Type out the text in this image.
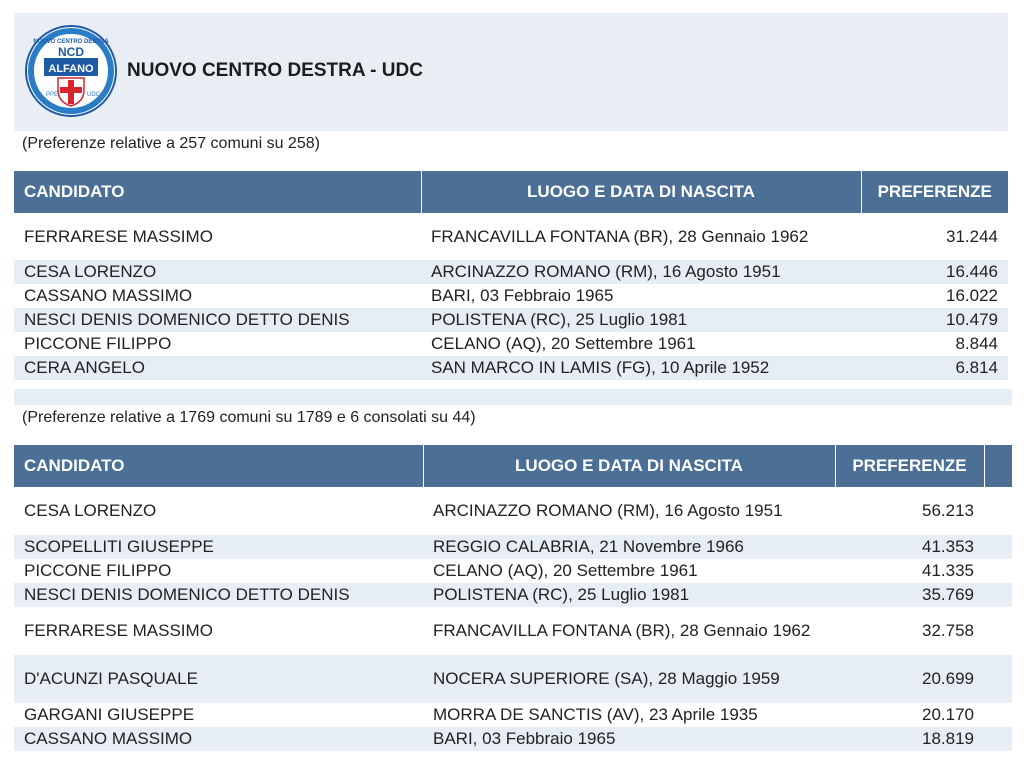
NUOVO CENTRO DESTRA
NCD
ALFANO
PPE	UDC
NUOVO CENTRO DESTRA - UDC
(Preferenze relative a 257 comuni su 258)
CANDIDATO	LUOGO E DATA DI NASCITA	PREFERENZE
FERRARESE MASSIMO	FRANCAVILLA FONTANA (BR), 28 Gennaio 1962	31.244
CESA LORENZO	ARCINAZZO ROMANO (RM), 16 Agosto 1951	16.446
CASSANO MASSIMO	BARI, 03 Febbraio 1965	16.022
NESCI DENIS DOMENICO DETTO DENIS	POLISTENA (RC), 25 Luglio 1981	10.479
PICCONE FILIPPO	CELANO (AQ), 20 Settembre 1961	8.844
CERA ANGELO	SAN MARCO IN LAMIS (FG), 10 Aprile 1952	6.814
(Preferenze relative a 1769 comuni su 1789 e 6 consolati su 44)
CANDIDATO	LUOGO E DATA DI NASCITA	PREFERENZE	
CESA LORENZO	ARCINAZZO ROMANO (RM), 16 Agosto 1951	56.213	
SCOPELLITI GIUSEPPE	REGGIO CALABRIA, 21 Novembre 1966	41.353	
PICCONE FILIPPO	CELANO (AQ), 20 Settembre 1961	41.335	
NESCI DENIS DOMENICO DETTO DENIS	POLISTENA (RC), 25 Luglio 1981	35.769	
FERRARESE MASSIMO	FRANCAVILLA FONTANA (BR), 28 Gennaio 1962	32.758	
D'ACUNZI PASQUALE	NOCERA SUPERIORE (SA), 28 Maggio 1959	20.699	
GARGANI GIUSEPPE	MORRA DE SANCTIS (AV), 23 Aprile 1935	20.170	
CASSANO MASSIMO	BARI, 03 Febbraio 1965	18.819	
